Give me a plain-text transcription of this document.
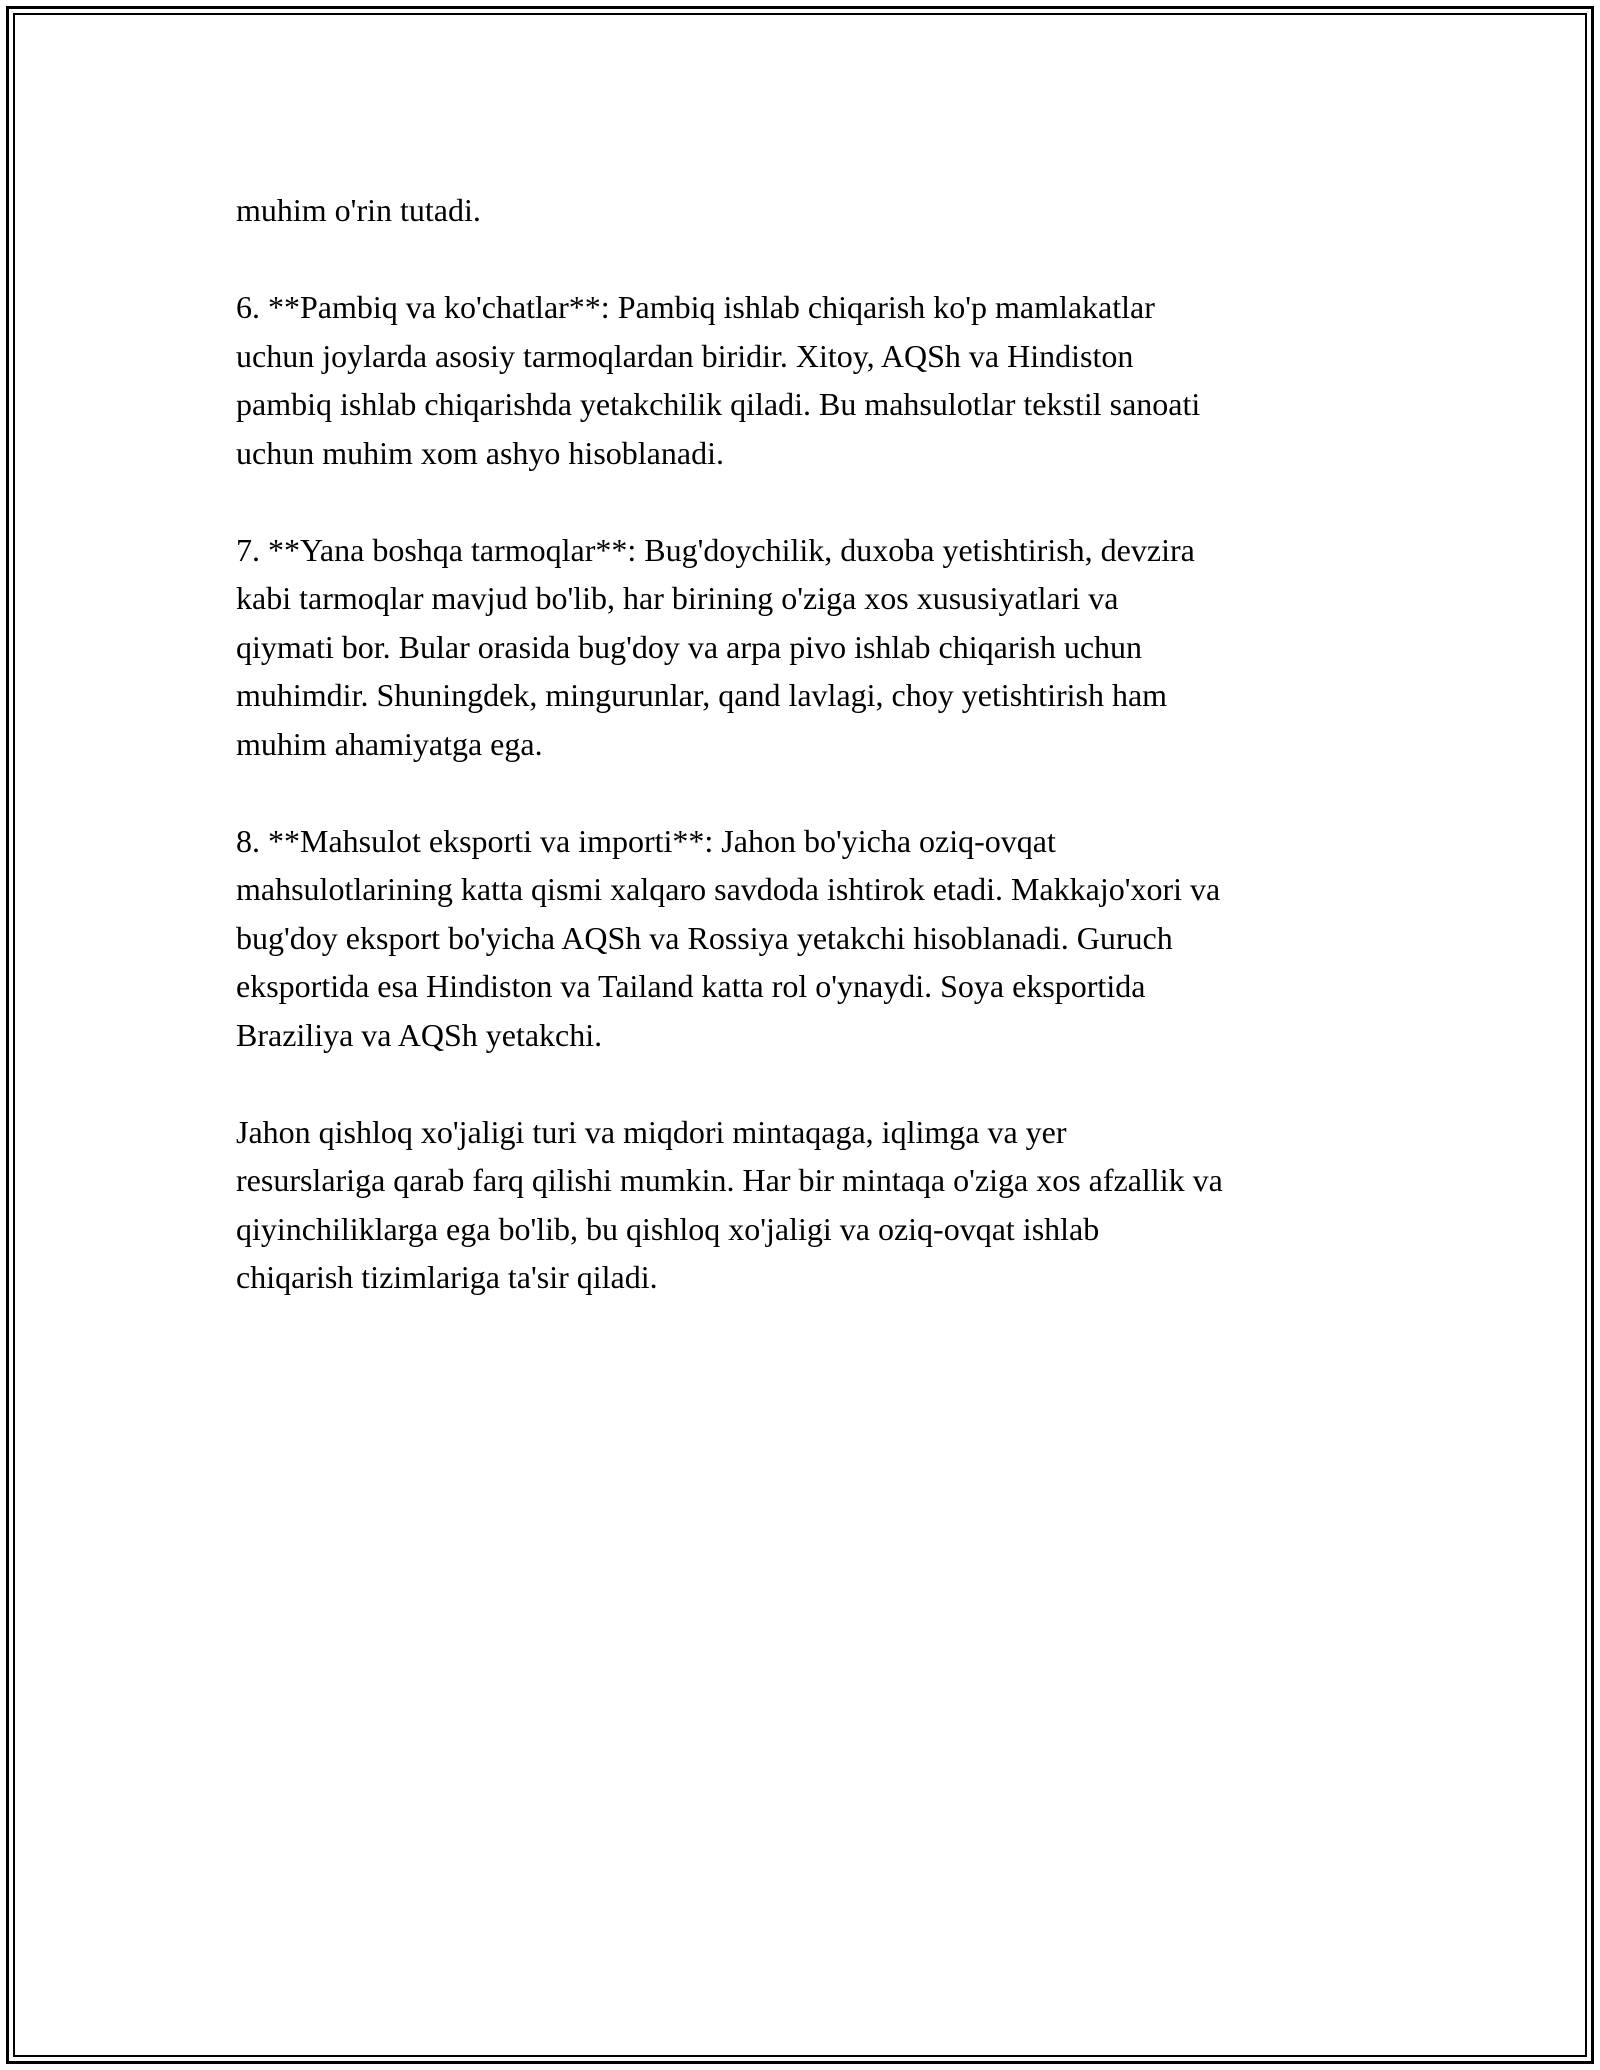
muhim o'rin tutadi.

6. **Pambiq va ko'chatlar**: Pambiq ishlab chiqarish ko'p mamlakatlar
uchun joylarda asosiy tarmoqlardan biridir. Xitoy, AQSh va Hindiston
pambiq ishlab chiqarishda yetakchilik qiladi. Bu mahsulotlar tekstil sanoati
uchun muhim xom ashyo hisoblanadi.

7. **Yana boshqa tarmoqlar**: Bug'doychilik, duxoba yetishtirish, devzira
kabi tarmoqlar mavjud bo'lib, har birining o'ziga xos xususiyatlari va
qiymati bor. Bular orasida bug'doy va arpa pivo ishlab chiqarish uchun
muhimdir. Shuningdek, mingurunlar, qand lavlagi, choy yetishtirish ham
muhim ahamiyatga ega.

8. **Mahsulot eksporti va importi**: Jahon bo'yicha oziq-ovqat
mahsulotlarining katta qismi xalqaro savdoda ishtirok etadi. Makkajo'xori va
bug'doy eksport bo'yicha AQSh va Rossiya yetakchi hisoblanadi. Guruch
eksportida esa Hindiston va Tailand katta rol o'ynaydi. Soya eksportida
Braziliya va AQSh yetakchi.

Jahon qishloq xo'jaligi turi va miqdori mintaqaga, iqlimga va yer
resurslariga qarab farq qilishi mumkin. Har bir mintaqa o'ziga xos afzallik va
qiyinchiliklarga ega bo'lib, bu qishloq xo'jaligi va oziq-ovqat ishlab
chiqarish tizimlariga ta'sir qiladi.
